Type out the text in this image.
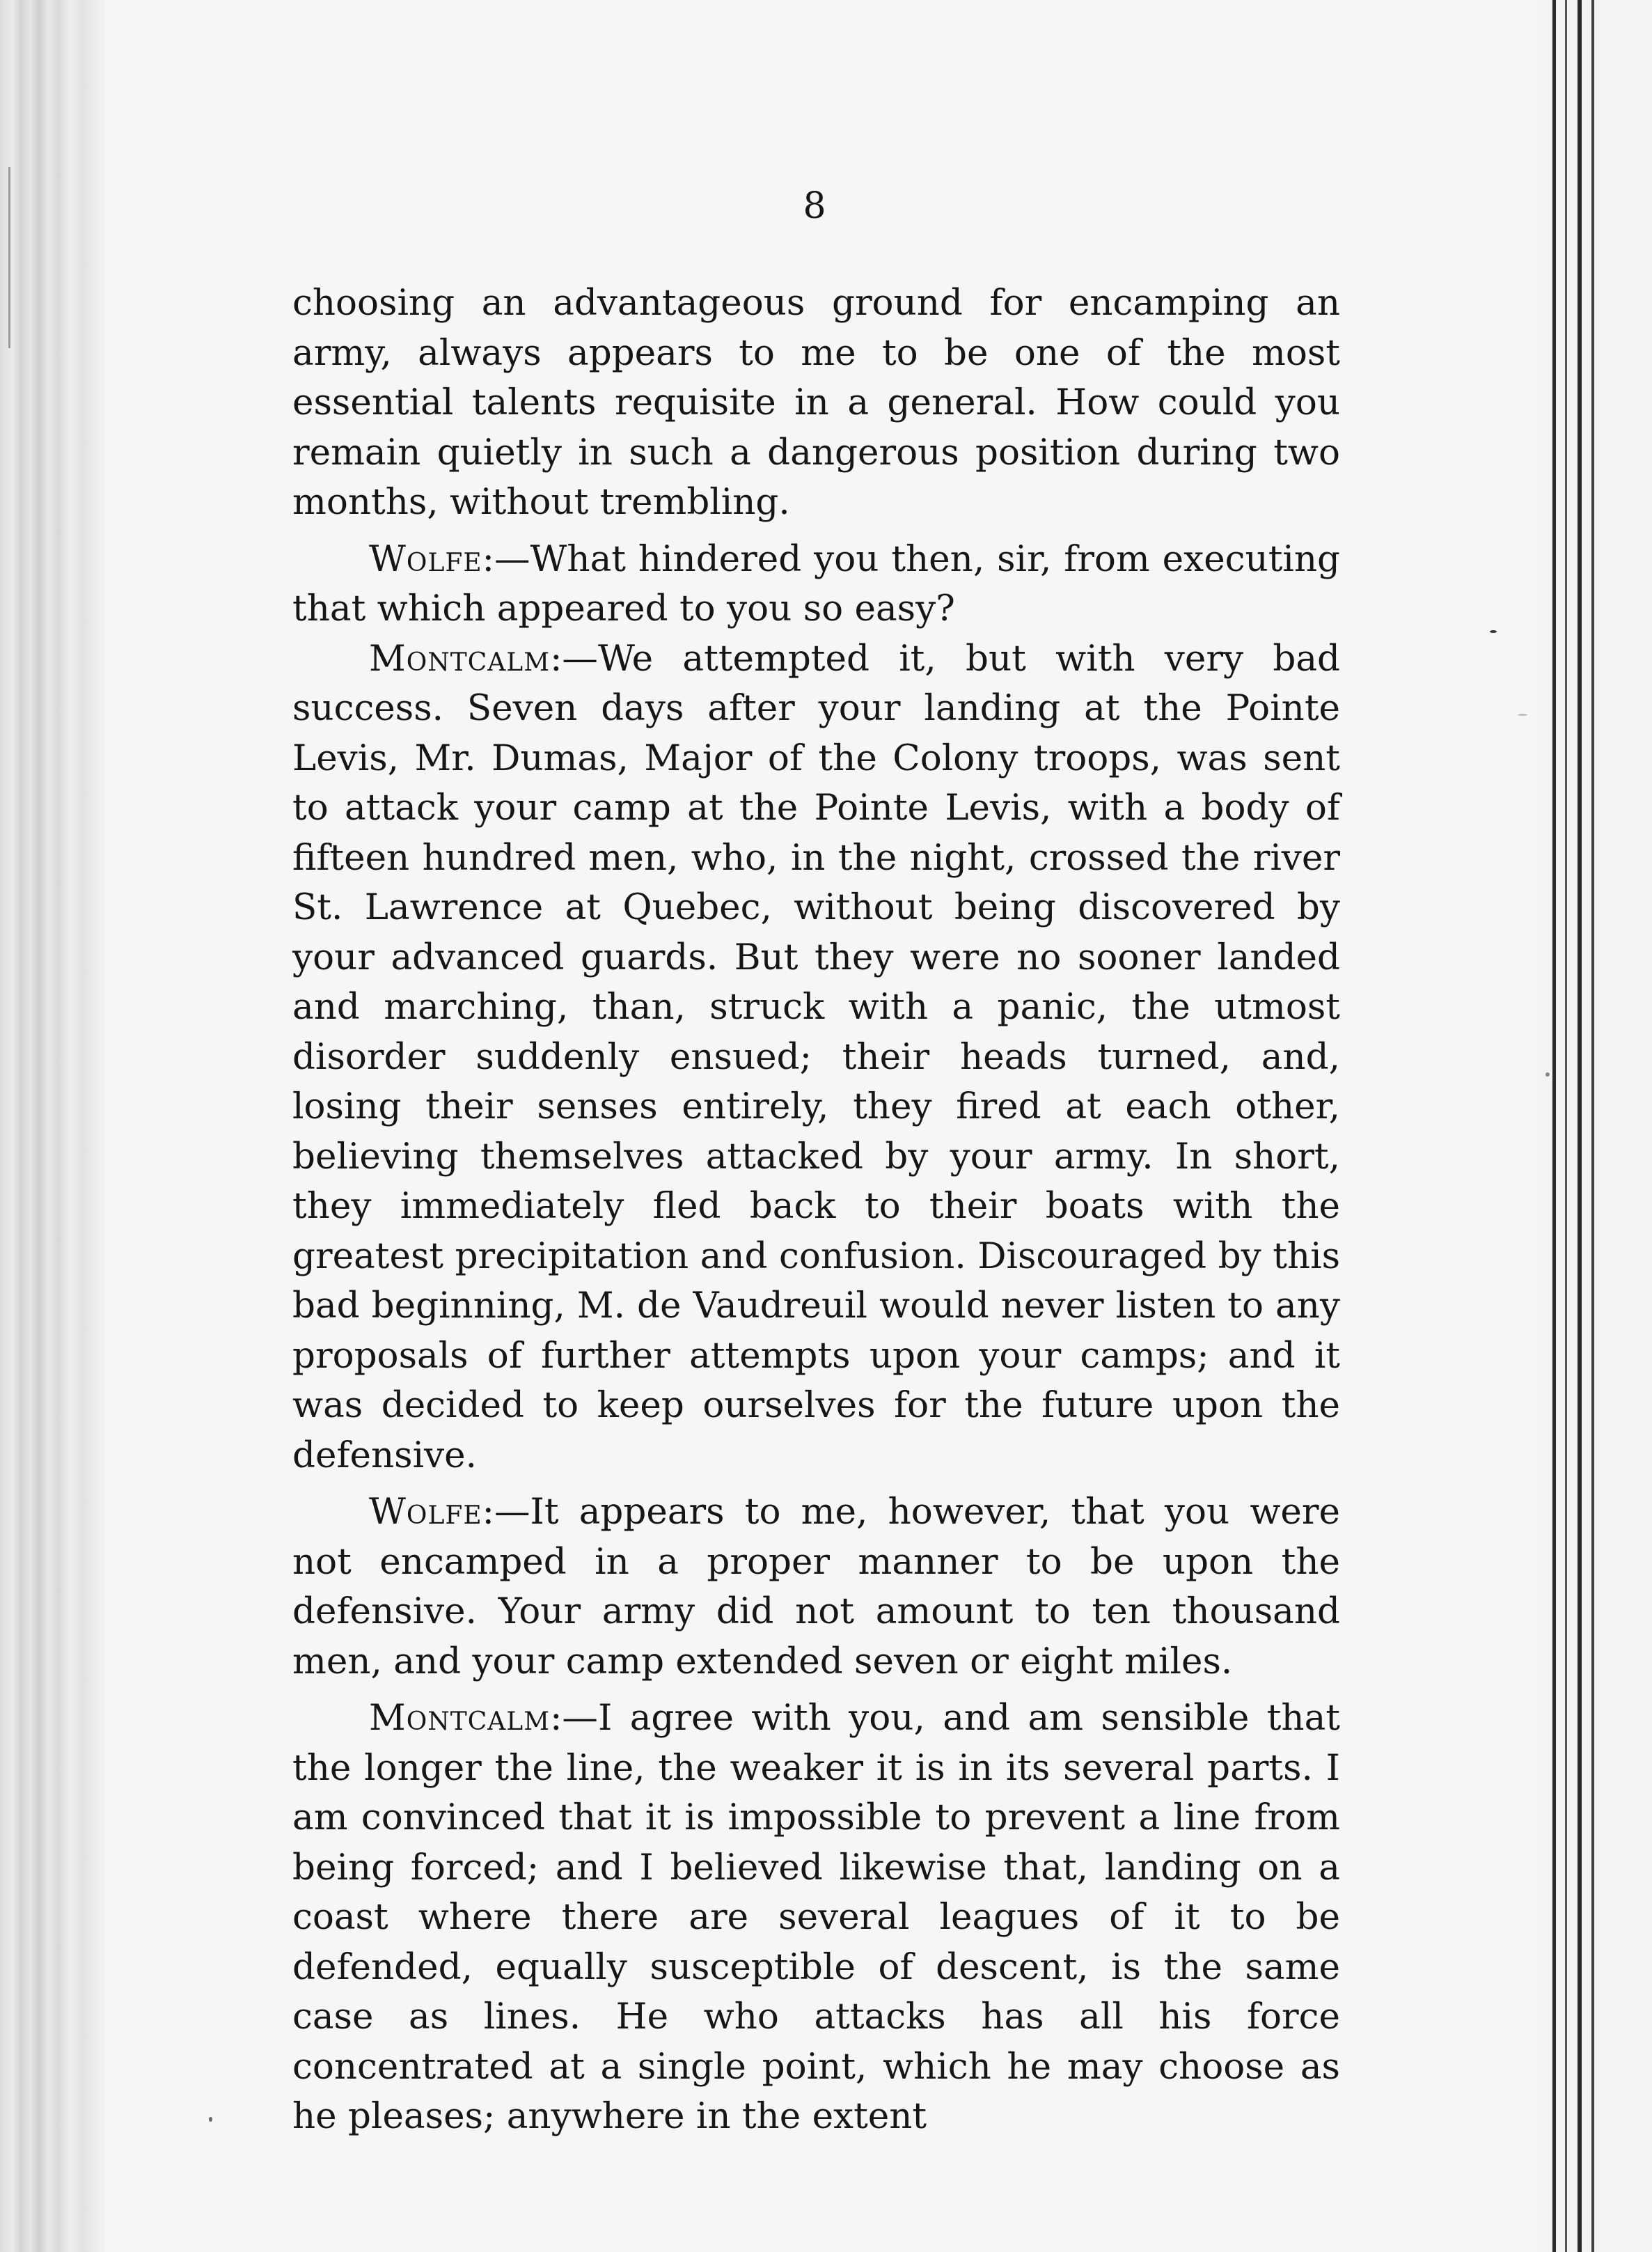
8

choosing an advantageous ground for encamping an army, always appears to me to be one of the most essential talents requisite in a general. How could you remain quietly in such a dangerous position during two months, without trembling.

Wolfe:—What hindered you then, sir, from executing that which appeared to you so easy?

Montcalm:—We attempted it, but with very bad success. Seven days after your landing at the Pointe Levis, Mr. Dumas, Major of the Colony troops, was sent to attack your camp at the Pointe Levis, with a body of fifteen hundred men, who, in the night, crossed the river St. Lawrence at Quebec, without being discovered by your advanced guards. But they were no sooner landed and marching, than, struck with a panic, the utmost disorder suddenly ensued; their heads turned, and, losing their senses entirely, they fired at each other, believing themselves attacked by your army. In short, they immediately fled back to their boats with the greatest precipitation and confusion. Discouraged by this bad beginning, M. de Vaudreuil would never listen to any proposals of further attempts upon your camps; and it was decided to keep ourselves for the future upon the defensive.

Wolfe:—It appears to me, however, that you were not encamped in a proper manner to be upon the defensive. Your army did not amount to ten thousand men, and your camp extended seven or eight miles.

Montcalm:—I agree with you, and am sensible that the longer the line, the weaker it is in its several parts. I am convinced that it is impossible to prevent a line from being forced; and I believed likewise that, landing on a coast where there are several leagues of it to be defended, equally susceptible of descent, is the same case as lines. He who attacks has all his force concentrated at a single point, which he may choose as he pleases; anywhere in the extent
